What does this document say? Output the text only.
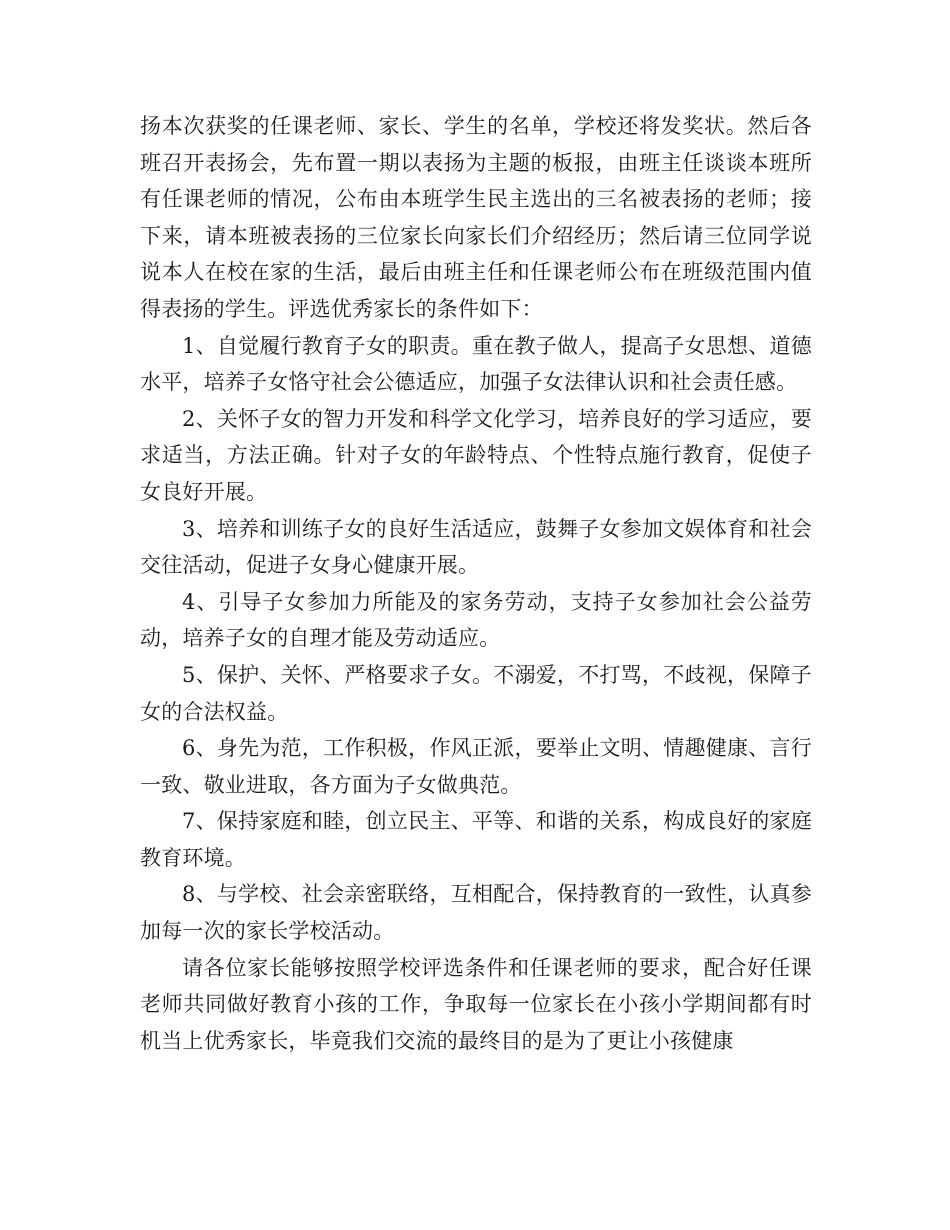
扬本次获奖的任课老师、家长、学生的名单，学校还将发奖状。然后各班召开表扬会，先布置一期以表扬为主题的板报，由班主任谈谈本班所有任课老师的情况，公布由本班学生民主选出的三名被表扬的老师；接下来，请本班被表扬的三位家长向家长们介绍经历；然后请三位同学说说本人在校在家的生活，最后由班主任和任课老师公布在班级范围内值得表扬的学生。评选优秀家长的条件如下：

1、自觉履行教育子女的职责。重在教子做人，提高子女思想、道德水平，培养子女恪守社会公德适应，加强子女法律认识和社会责任感。

2、关怀子女的智力开发和科学文化学习，培养良好的学习适应，要求适当，方法正确。针对子女的年龄特点、个性特点施行教育，促使子女良好开展。

3、培养和训练子女的良好生活适应，鼓舞子女参加文娱体育和社会交往活动，促进子女身心健康开展。

4、引导子女参加力所能及的家务劳动，支持子女参加社会公益劳动，培养子女的自理才能及劳动适应。

5、保护、关怀、严格要求子女。不溺爱，不打骂，不歧视，保障子女的合法权益。

6、身先为范，工作积极，作风正派，要举止文明、情趣健康、言行一致、敬业进取，各方面为子女做典范。

7、保持家庭和睦，创立民主、平等、和谐的关系，构成良好的家庭教育环境。

8、与学校、社会亲密联络，互相配合，保持教育的一致性，认真参加每一次的家长学校活动。

请各位家长能够按照学校评选条件和任课老师的要求，配合好任课老师共同做好教育小孩的工作，争取每一位家长在小孩小学期间都有时机当上优秀家长，毕竟我们交流的最终目的是为了更让小孩健康
